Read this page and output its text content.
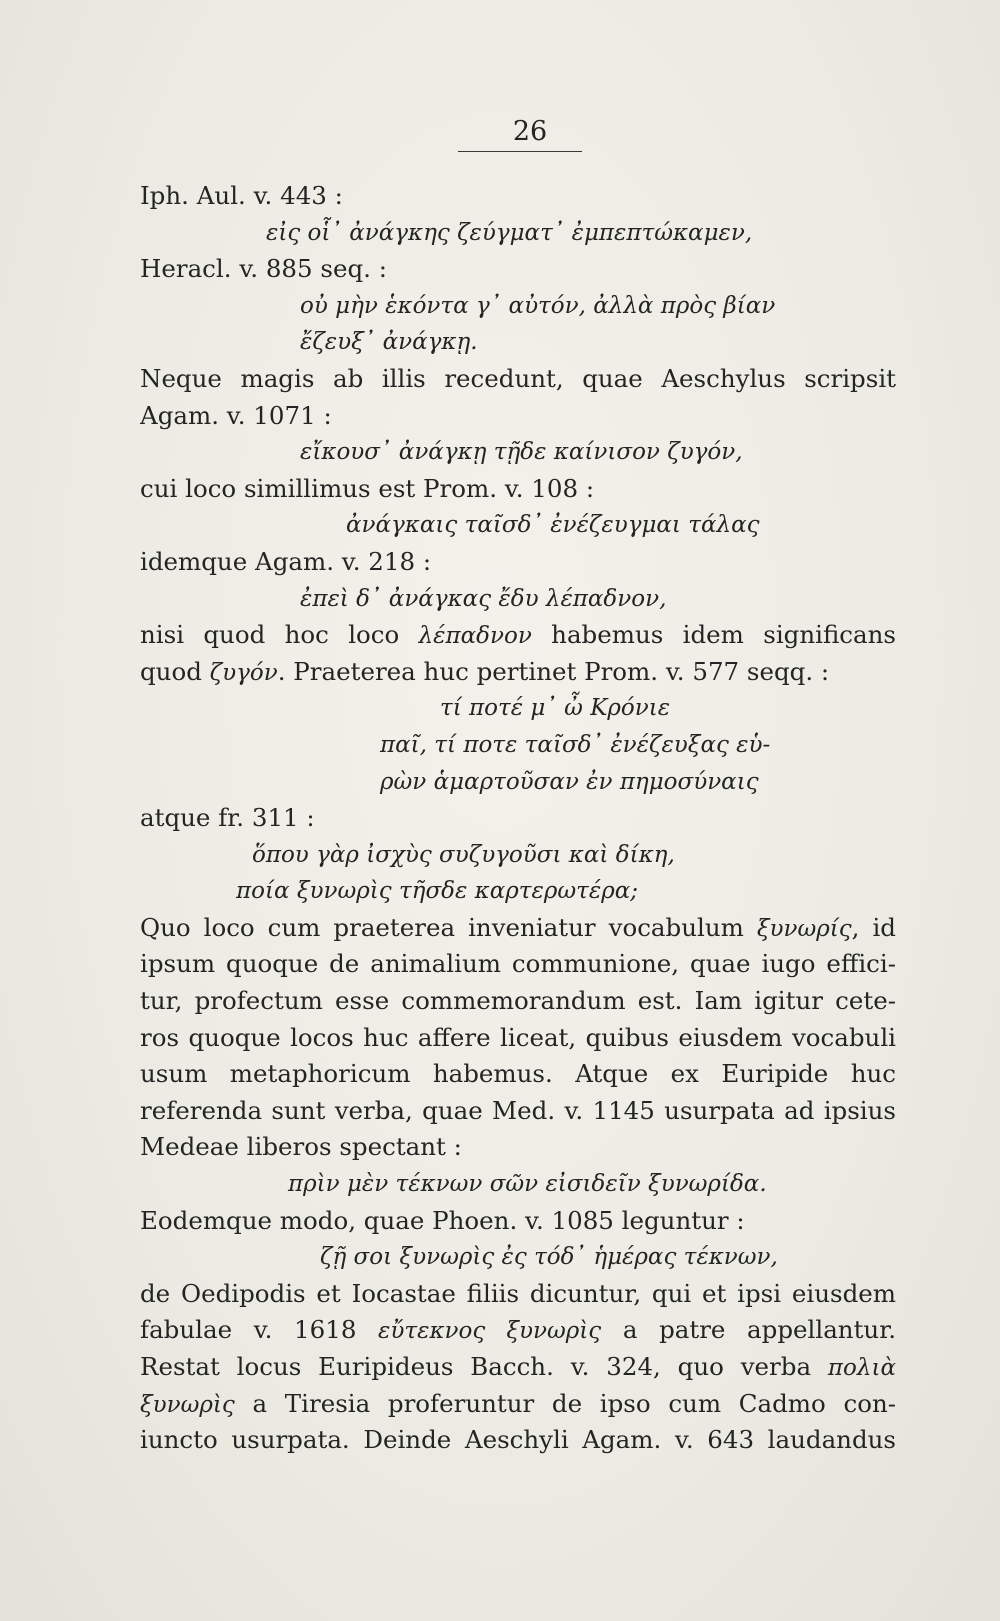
26
Iph. Aul. v. 443 :
εἰς οἷ᾽ ἀνάγκης ζεύγματ᾽ ἐμπεπτώκαμεν,
Heracl. v. 885 seq. :
οὐ μὴν ἑκόντα γ᾽ αὐτόν, ἀλλὰ πρὸς βίαν
ἔζευξ᾽ ἀνάγκῃ.
Neque magis ab illis recedunt, quae Aeschylus scripsit
Agam. v. 1071 :
εἴκουσ᾽ ἀνάγκῃ τῇδε καίνισον ζυγόν,
cui loco simillimus est Prom. v. 108 :
ἀνάγκαις ταῖσδ᾽ ἐνέζευγμαι τάλας
idemque Agam. v. 218 :
ἐπεὶ δ᾽ ἀνάγκας ἔδυ λέπαδνον,
nisi quod hoc loco λέπαδνον habemus idem significans
quod ζυγόν. Praeterea huc pertinet Prom. v. 577 seqq. :
τί ποτέ μ᾽ ὦ Κρόνιε
παῖ, τί ποτε ταῖσδ᾽ ἐνέζευξας εὑ-
ρὼν ἁμαρτοῦσαν ἐν πημοσύναις
atque fr. 311 :
ὅπου γὰρ ἰσχὺς συζυγοῦσι καὶ δίκη,
ποία ξυνωρὶς τῆσδε καρτερωτέρα;
Quo loco cum praeterea inveniatur vocabulum ξυνωρίς, id
ipsum quoque de animalium communione, quae iugo effici-
tur, profectum esse commemorandum est. Iam igitur cete-
ros quoque locos huc affere liceat, quibus eiusdem vocabuli
usum metaphoricum habemus. Atque ex Euripide huc
referenda sunt verba, quae Med. v. 1145 usurpata ad ipsius
Medeae liberos spectant :
πρὶν μὲν τέκνων σῶν εἰσιδεῖν ξυνωρίδα.
Eodemque modo, quae Phoen. v. 1085 leguntur :
ζῇ σοι ξυνωρὶς ἐς τόδ᾽ ἡμέρας τέκνων,
de Oedipodis et Iocastae filiis dicuntur, qui et ipsi eiusdem
fabulae v. 1618 εὔτεκνος ξυνωρὶς a patre appellantur.
Restat locus Euripideus Bacch. v. 324, quo verba πολιὰ
ξυνωρὶς a Tiresia proferuntur de ipso cum Cadmo con-
iuncto usurpata. Deinde Aeschyli Agam. v. 643 laudandus
